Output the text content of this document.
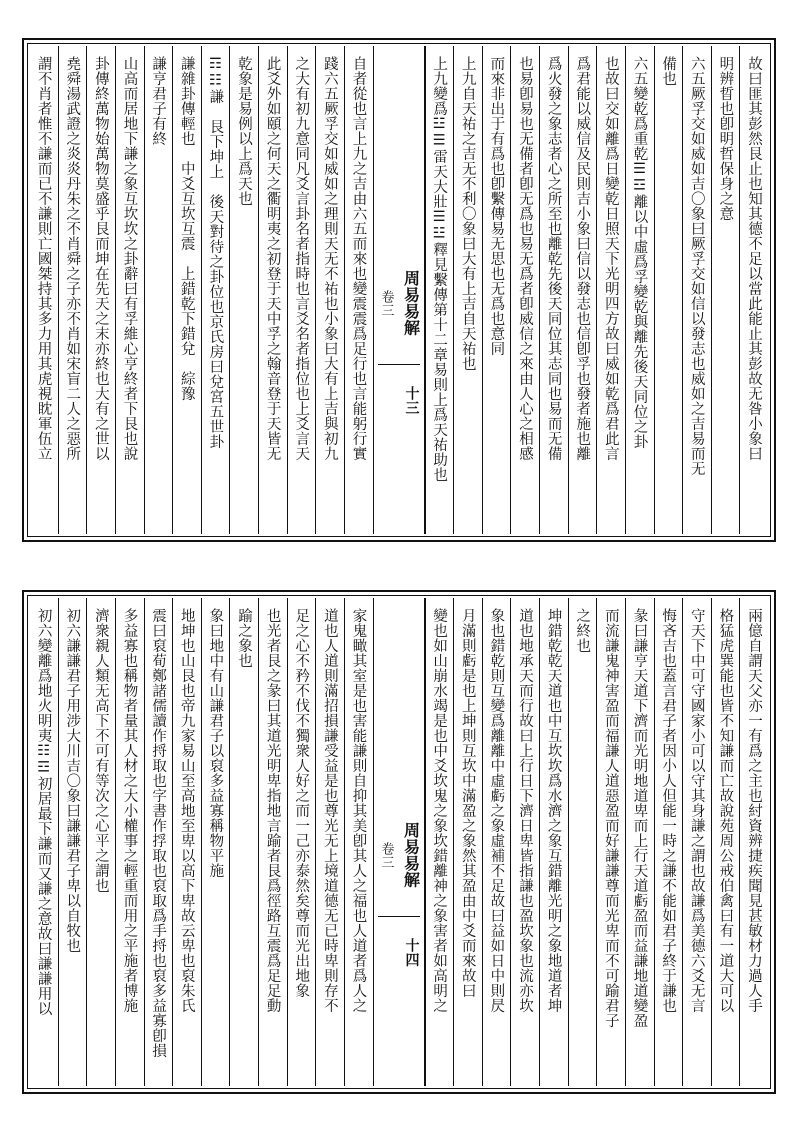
故曰匪其彭然艮止也知其德不足以當此能止其彭故无咎小象曰
明辨晢也卽明哲保身之意
六五厥孚交如威如吉〇象曰厥孚交如信以發志也威如之吉易而无
備也
六五變乾爲重乾☰☲離以中虛爲孚變乾與離先後天同位之卦
也故曰交如離爲日變乾日照天下光明四方故曰威如乾爲君此言
爲君能以威信及民則吉小象曰信以發志也信卽孚也發者施也離
爲火發之象志者心之所至也離乾先後天同位其志同也易而无備
也易卽易也无備者卽无爲也易无爲者卽威信之來由人心之相感
而來非出于有爲也卽繫傳易无思也无爲也意同
上九自天祐之吉无不利〇象曰大有上吉自天祐也
上九變爲☳☰雷天大壯☰☳釋見繫傳第十二章易則上爲天祐助也
周易易解
卷三
十三
自者從也言上九之吉由六五而來也變震震爲足行也言能躬行實
踐六五厥孚交如威如之理則天无不祐也小象曰大有上吉與初九
之大有初九意同凡爻言卦名者指時也言爻名者指位也上爻言天
此爻外如頤之何天之衢明夷之初登于天中孚之翰音登于天皆无
乾象是易例以上爲天也
☶☷謙　艮下坤上　後天對待之卦位也京氏房曰兌宮五世卦
謙雜卦傳輕也　中爻互坎互震　上錯乾下錯兌　綜豫
謙亨君子有終
山高而居地下謙之象互坎坎之卦辭曰有孚維心亨終者下艮也說
卦傳終萬物始萬物莫盛乎艮而坤在先天之末亦終也大有之世以
堯舜湯武證之炎炎丹朱之不肖舜之子亦不肖如宋盲二人之惡所
謂不肖者惟不謙而已不謙則亡國桀持其多力用其虎視眈軍伍立
兩億自謂天父亦一有爲之主也紂資辨捷疾聞見甚敏材力過人手
格猛虎巽能也皆不知謙而亡故說苑周公戒伯禽曰有一道大可以
守天下中可守國家小可以守其身謙之謂也故謙爲美德六爻无言
悔吝吉也蓋言君子者因小人但能一時之謙不能如君子終于謙也
彖曰謙亨天道下濟而光明地道卑而上行天道虧盈而益謙地道變盈
而流謙鬼神害盈而福謙人道惡盈而好謙謙尊而光卑而不可踰君子
之終也
坤錯乾乾天道也中互坎坎爲水濟之象互錯離光明之象地道者坤
道也地承天而行故曰上行日下濟日卑皆指謙也盈坎象也流亦坎
象也錯乾則互變爲離離中虛虧之象虛補不足故曰益如日中則昃
月滿則虧是也上坤則互坎中滿盈之象然其盈由中爻而來故曰
變也如山崩水竭是也中爻坎鬼之象坎錯離神之象害者如高明之
周易易解
卷三
十四
家鬼瞰其室是也害能謙則自抑其美卽其人之福也人道者爲人之
道也人道則滿招損謙受益是也尊光无上境道德无已時卑則存不
足之心不矜不伐不獨衆人好之而一己亦泰然矣尊而光出地象
也光者艮之彖曰其道光明卑指地言踰者艮爲徑路互震爲足足動
踰之象也
象曰地中有山謙君子以裒多益寡稱物平施
地坤也山艮也帝九家易山至高地至卑以高下卑故云卑也裒朱氏
震曰裒荀鄭諸儒讀作捋取也字書作捊取也裒取爲手捋也裒多益寡卽損
多益寡也稱物者量其人材之大小權事之輕重而用之平施者博施
濟衆親人類无高下不可有等次之心平之謂也
初六謙謙君子用涉大川吉〇象曰謙謙君子卑以自牧也
初六變離爲地火明夷☷☲初居最下謙而又謙之意故曰謙謙用以
